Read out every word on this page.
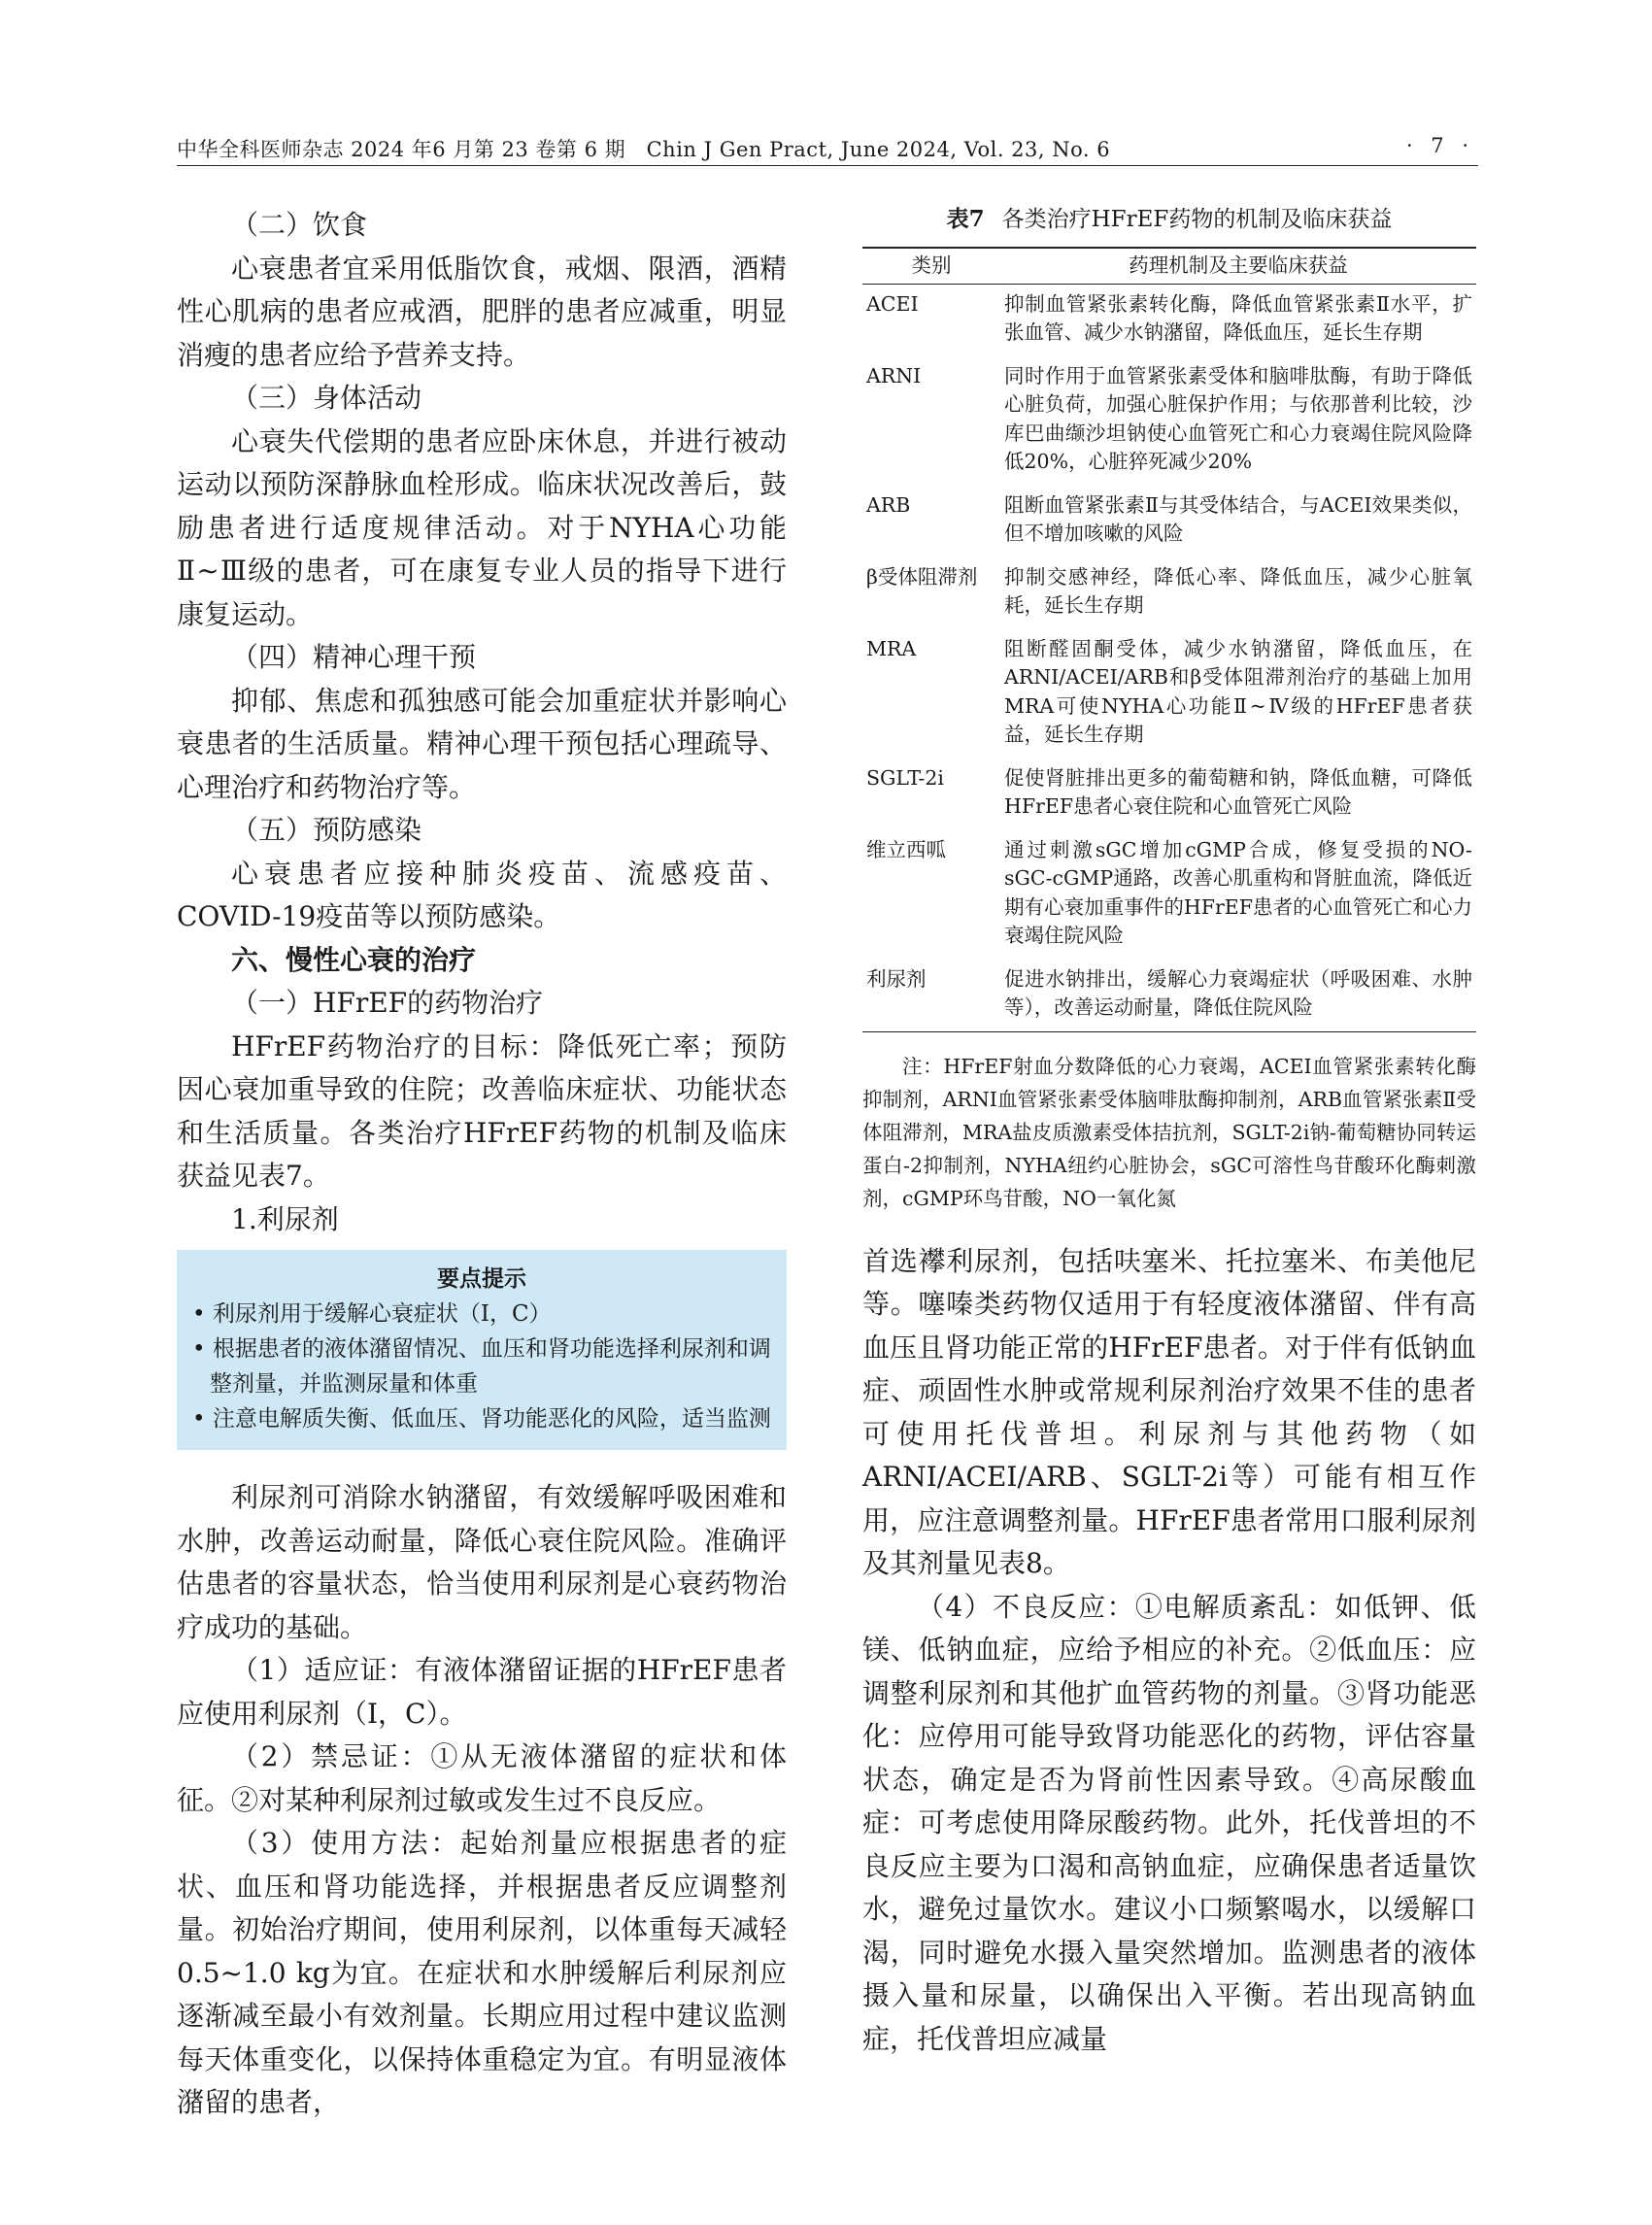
中华全科医师杂志 2024 年6 月第 23 卷第 6 期　Chin J Gen Pract, June 2024, Vol. 23, No. 6	· 7 ·

（二）饮食

心衰患者宜采用低脂饮食，戒烟、限酒，酒精性心肌病的患者应戒酒，肥胖的患者应减重，明显消瘦的患者应给予营养支持。

（三）身体活动

心衰失代偿期的患者应卧床休息，并进行被动运动以预防深静脉血栓形成。临床状况改善后，鼓励患者进行适度规律活动。对于NYHA心功能Ⅱ~Ⅲ级的患者，可在康复专业人员的指导下进行康复运动。

（四）精神心理干预

抑郁、焦虑和孤独感可能会加重症状并影响心衰患者的生活质量。精神心理干预包括心理疏导、心理治疗和药物治疗等。

（五）预防感染

心衰患者应接种肺炎疫苗、流感疫苗、COVID-19疫苗等以预防感染。

六、慢性心衰的治疗

（一）HFrEF的药物治疗

HFrEF药物治疗的目标：降低死亡率；预防因心衰加重导致的住院；改善临床症状、功能状态和生活质量。各类治疗HFrEF药物的机制及临床获益见表7。

1.利尿剂

要点提示
• 利尿剂用于缓解心衰症状（Ⅰ，C）
• 根据患者的液体潴留情况、血压和肾功能选择利尿剂和调整剂量，并监测尿量和体重
• 注意电解质失衡、低血压、肾功能恶化的风险，适当监测

利尿剂可消除水钠潴留，有效缓解呼吸困难和水肿，改善运动耐量，降低心衰住院风险。准确评估患者的容量状态，恰当使用利尿剂是心衰药物治疗成功的基础。

（1）适应证：有液体潴留证据的HFrEF患者应使用利尿剂（Ⅰ，C）。

（2）禁忌证：①从无液体潴留的症状和体征。②对某种利尿剂过敏或发生过不良反应。

（3）使用方法：起始剂量应根据患者的症状、血压和肾功能选择，并根据患者反应调整剂量。初始治疗期间，使用利尿剂，以体重每天减轻0.5~1.0 kg为宜。在症状和水肿缓解后利尿剂应逐渐减至最小有效剂量。长期应用过程中建议监测每天体重变化，以保持体重稳定为宜。有明显液体潴留的患者，

表7 各类治疗HFrEF药物的机制及临床获益
类别	药理机制及主要临床获益
ACEI	抑制血管紧张素转化酶，降低血管紧张素Ⅱ水平，扩张血管、减少水钠潴留，降低血压，延长生存期
ARNI	同时作用于血管紧张素受体和脑啡肽酶，有助于降低心脏负荷，加强心脏保护作用；与依那普利比较，沙库巴曲缬沙坦钠使心血管死亡和心力衰竭住院风险降低20%，心脏猝死减少20%
ARB	阻断血管紧张素Ⅱ与其受体结合，与ACEI效果类似，但不增加咳嗽的风险
β受体阻滞剂	抑制交感神经，降低心率、降低血压，减少心脏氧耗，延长生存期
MRA	阻断醛固酮受体，减少水钠潴留，降低血压，在ARNI/ACEI/ARB和β受体阻滞剂治疗的基础上加用MRA可使NYHA心功能Ⅱ~Ⅳ级的HFrEF患者获益，延长生存期
SGLT-2i	促使肾脏排出更多的葡萄糖和钠，降低血糖，可降低HFrEF患者心衰住院和心血管死亡风险
维立西呱	通过刺激sGC增加cGMP合成，修复受损的NO-sGC-cGMP通路，改善心肌重构和肾脏血流，降低近期有心衰加重事件的HFrEF患者的心血管死亡和心力衰竭住院风险
利尿剂	促进水钠排出，缓解心力衰竭症状（呼吸困难、水肿等），改善运动耐量，降低住院风险

注：HFrEF射血分数降低的心力衰竭，ACEI血管紧张素转化酶抑制剂，ARNI血管紧张素受体脑啡肽酶抑制剂，ARB血管紧张素Ⅱ受体阻滞剂，MRA盐皮质激素受体拮抗剂，SGLT-2i钠-葡萄糖协同转运蛋白-2抑制剂，NYHA纽约心脏协会，sGC可溶性鸟苷酸环化酶刺激剂，cGMP环鸟苷酸，NO一氧化氮

首选襻利尿剂，包括呋塞米、托拉塞米、布美他尼等。噻嗪类药物仅适用于有轻度液体潴留、伴有高血压且肾功能正常的HFrEF患者。对于伴有低钠血症、顽固性水肿或常规利尿剂治疗效果不佳的患者可使用托伐普坦。利尿剂与其他药物（如ARNI/ACEI/ARB、SGLT-2i等）可能有相互作用，应注意调整剂量。HFrEF患者常用口服利尿剂及其剂量见表8。

（4）不良反应：①电解质紊乱：如低钾、低镁、低钠血症，应给予相应的补充。②低血压：应调整利尿剂和其他扩血管药物的剂量。③肾功能恶化：应停用可能导致肾功能恶化的药物，评估容量状态，确定是否为肾前性因素导致。④高尿酸血症：可考虑使用降尿酸药物。此外，托伐普坦的不良反应主要为口渴和高钠血症，应确保患者适量饮水，避免过量饮水。建议小口频繁喝水，以缓解口渴，同时避免水摄入量突然增加。监测患者的液体摄入量和尿量，以确保出入平衡。若出现高钠血症，托伐普坦应减量
